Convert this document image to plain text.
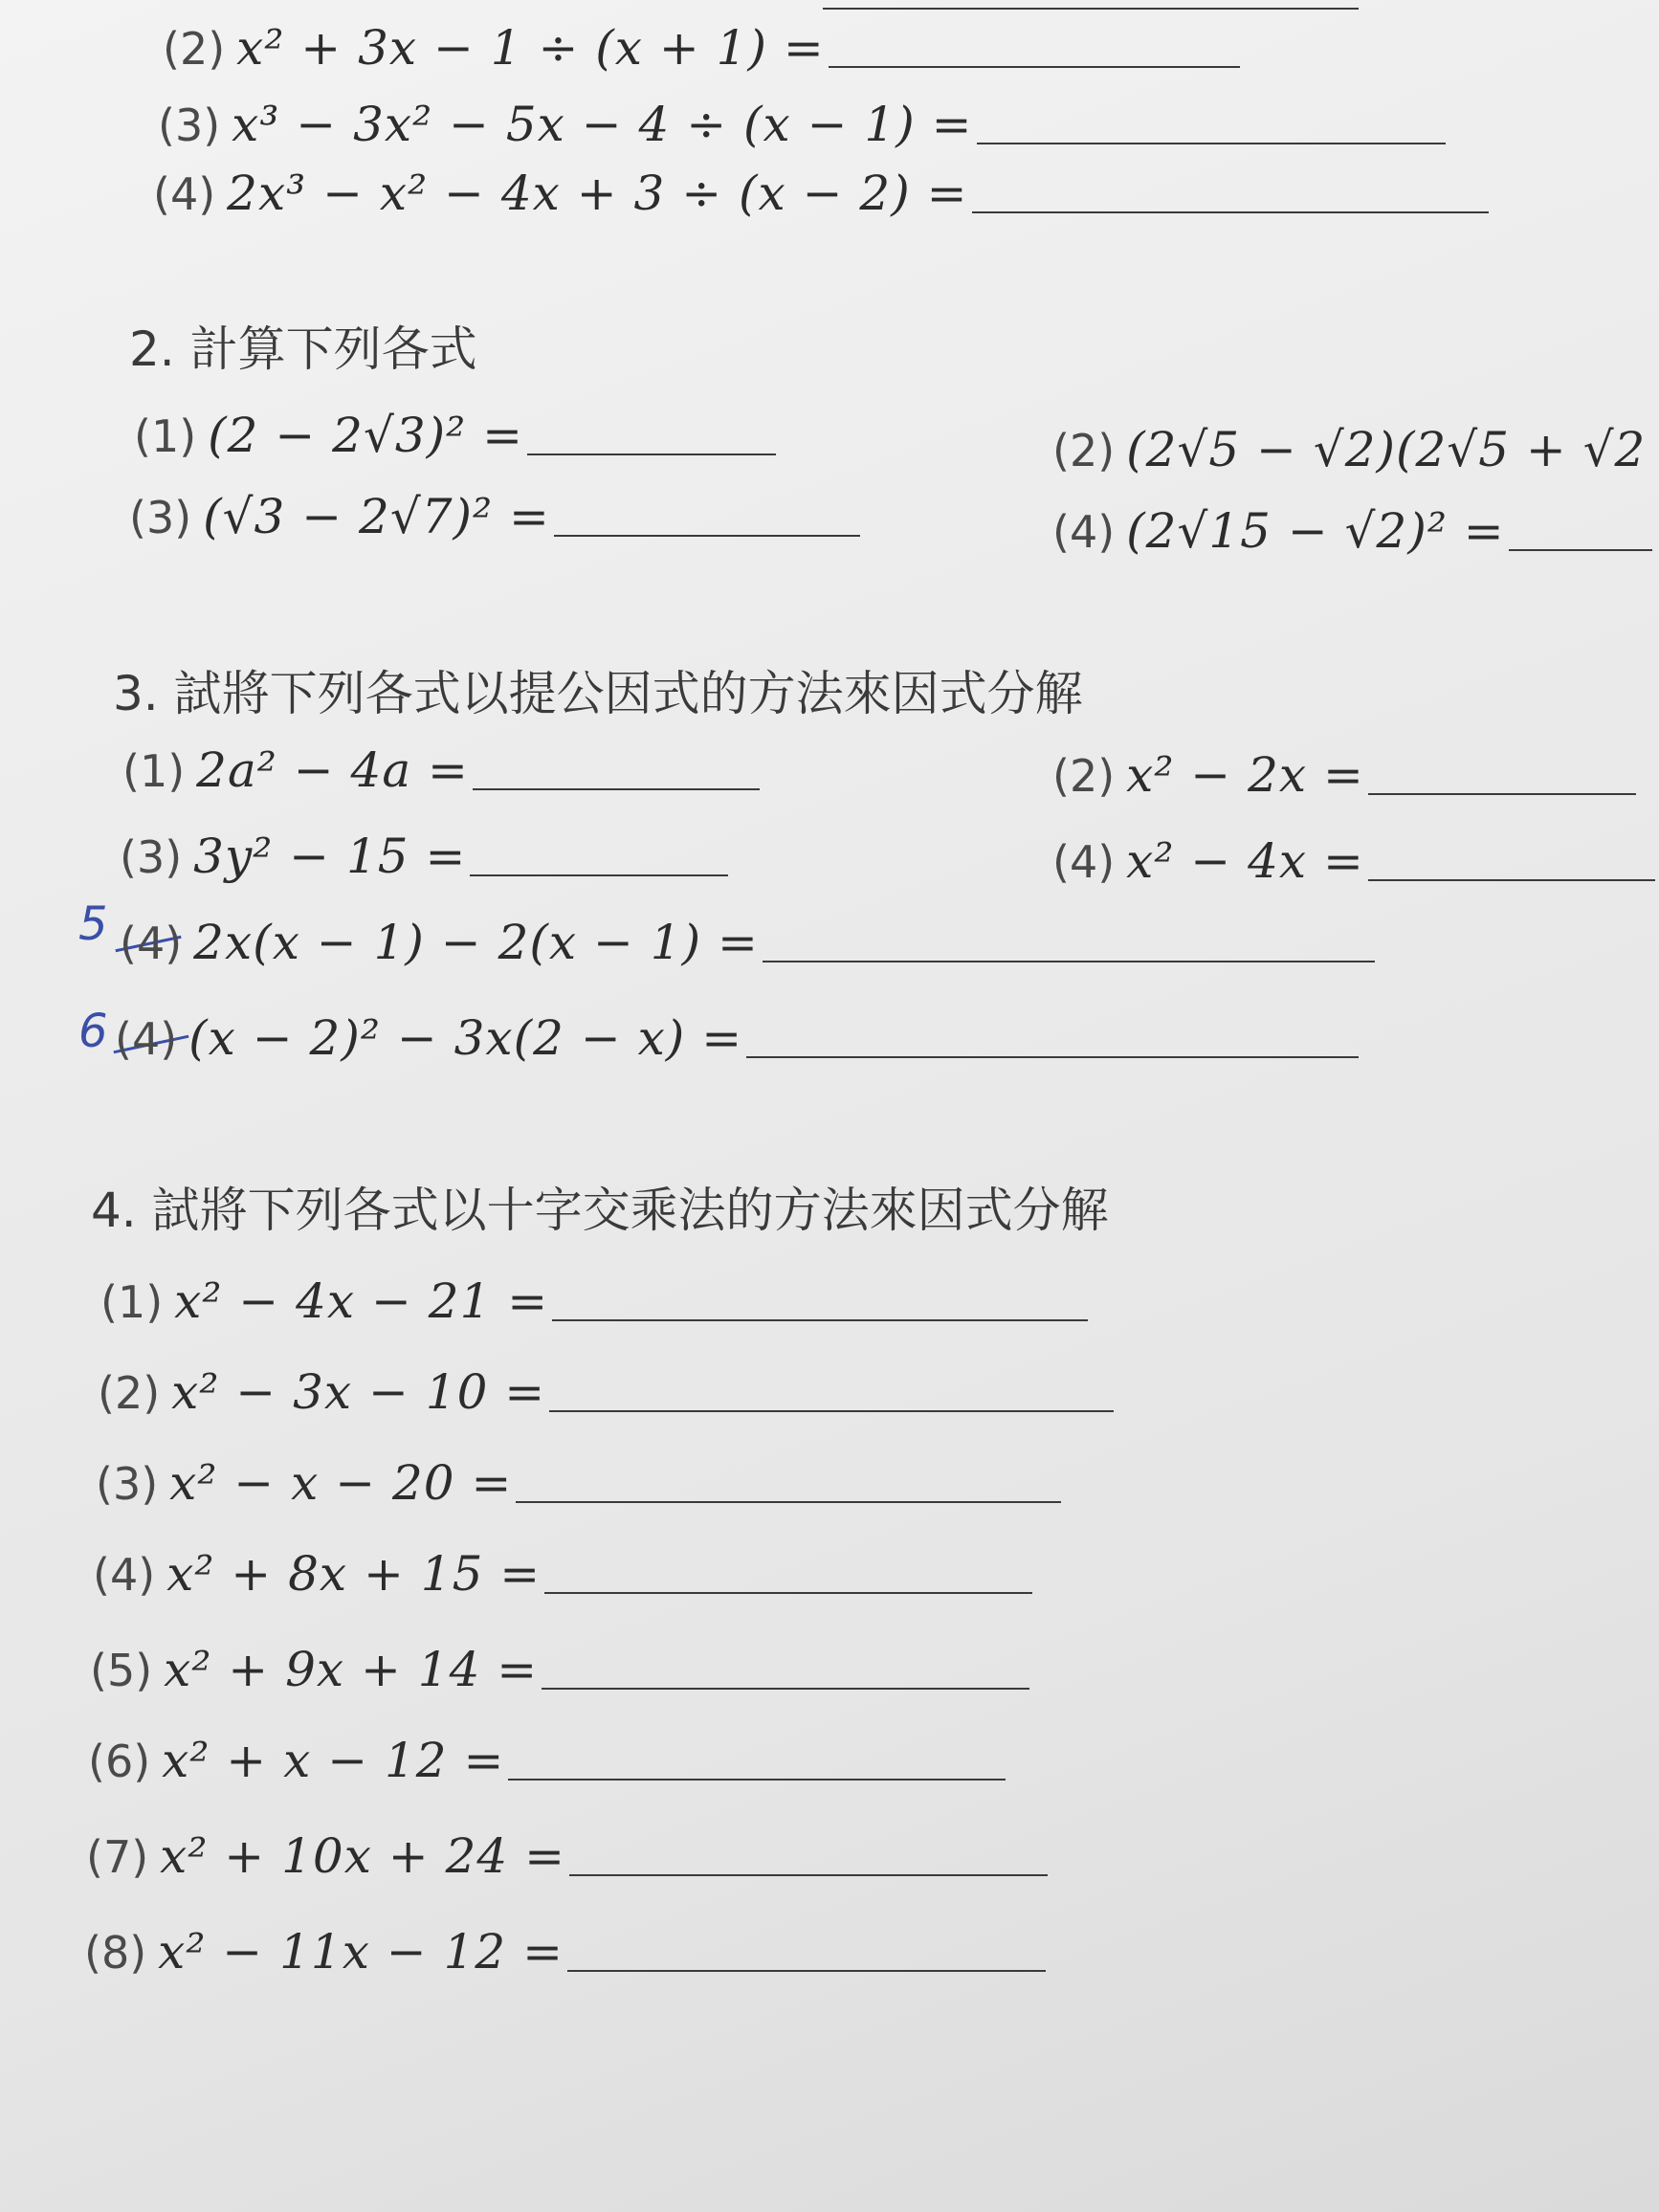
(2) x² + 3x − 1 ÷ (x + 1) =
(3) x³ − 3x² − 5x − 4 ÷ (x − 1) =
(4) 2x³ − x² − 4x + 3 ÷ (x − 2) =
2. 計算下列各式
(1) (2 − 2√3)² =	(2) (2√5 − √2)(2√5 + √2
(3) (√3 − 2√7)² =	(4) (2√15 − √2)² =
3. 試將下列各式以提公因式的方法來因式分解
(1) 2a² − 4a =	(2) x² − 2x =
(3) 3y² − 15 =	(4) x² − 4x =
5 (4) 2x(x − 1) − 2(x − 1) =
6 (4) (x − 2)² − 3x(2 − x) =
4. 試將下列各式以十字交乘法的方法來因式分解
(1) x² − 4x − 21 =
(2) x² − 3x − 10 =
(3) x² − x − 20 =
(4) x² + 8x + 15 =
(5) x² + 9x + 14 =
(6) x² + x − 12 =
(7) x² + 10x + 24 =
(8) x² − 11x − 12 =
